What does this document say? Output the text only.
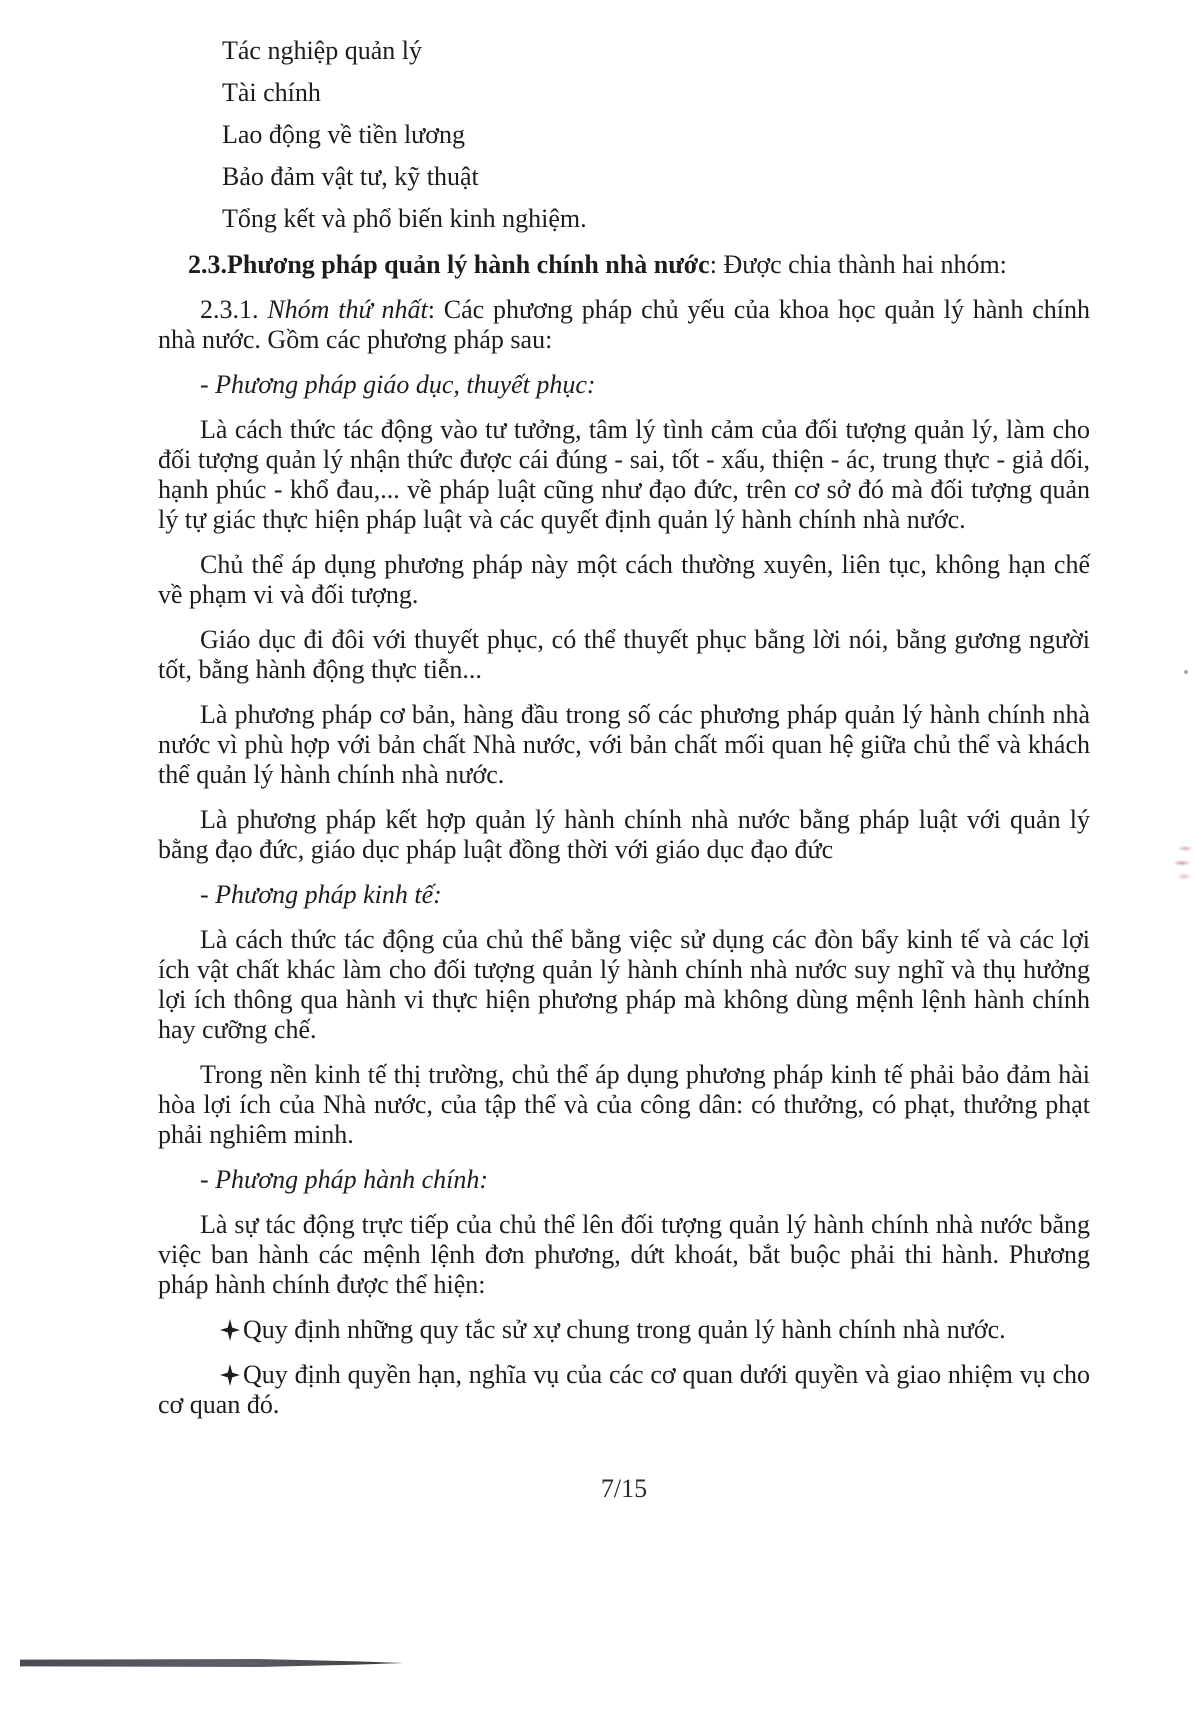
Tác nghiệp quản lý

Tài chính

Lao động về tiền lương

Bảo đảm vật tư, kỹ thuật

Tổng kết và phổ biến kinh nghiệm.

2.3.Phương pháp quản lý hành chính nhà nước: Được chia thành hai nhóm:

2.3.1. Nhóm thứ nhất: Các phương pháp chủ yếu của khoa học quản lý hành chính nhà nước. Gồm các phương pháp sau:

- Phương pháp giáo dục, thuyết phục:

Là cách thức tác động vào tư tưởng, tâm lý tình cảm của đối tượng quản lý, làm cho đối tượng quản lý nhận thức được cái đúng - sai, tốt - xấu, thiện - ác, trung thực - giả dối, hạnh phúc - khổ đau,... về pháp luật cũng như đạo đức, trên cơ sở đó mà đối tượng quản lý tự giác thực hiện pháp luật và các quyết định quản lý hành chính nhà nước.

Chủ thể áp dụng phương pháp này một cách thường xuyên, liên tục, không hạn chế về phạm vi và đối tượng.

Giáo dục đi đôi với thuyết phục, có thể thuyết phục bằng lời nói, bằng gương người tốt, bằng hành động thực tiễn...

Là phương pháp cơ bản, hàng đầu trong số các phương pháp quản lý hành chính nhà nước vì phù hợp với bản chất Nhà nước, với bản chất mối quan hệ giữa chủ thể và khách thể quản lý hành chính nhà nước.

Là phương pháp kết hợp quản lý hành chính nhà nước bằng pháp luật với quản lý bằng đạo đức, giáo dục pháp luật đồng thời với giáo dục đạo đức

- Phương pháp kinh tế:

Là cách thức tác động của chủ thể bằng việc sử dụng các đòn bẩy kinh tế và các lợi ích vật chất khác làm cho đối tượng quản lý hành chính nhà nước suy nghĩ và thụ hưởng lợi ích thông qua hành vi thực hiện phương pháp mà không dùng mệnh lệnh hành chính hay cưỡng chế.

Trong nền kinh tế thị trường, chủ thể áp dụng phương pháp kinh tế phải bảo đảm hài hòa lợi ích của Nhà nước, của tập thể và của công dân: có thưởng, có phạt, thưởng phạt phải nghiêm minh.

- Phương pháp hành chính:

Là sự tác động trực tiếp của chủ thể lên đối tượng quản lý hành chính nhà nước bằng việc ban hành các mệnh lệnh đơn phương, dứt khoát, bắt buộc phải thi hành. Phương pháp hành chính được thể hiện:

Quy định những quy tắc sử xự chung trong quản lý hành chính nhà nước.

Quy định quyền hạn, nghĩa vụ của các cơ quan dưới quyền và giao nhiệm vụ cho cơ quan đó.

7/15
